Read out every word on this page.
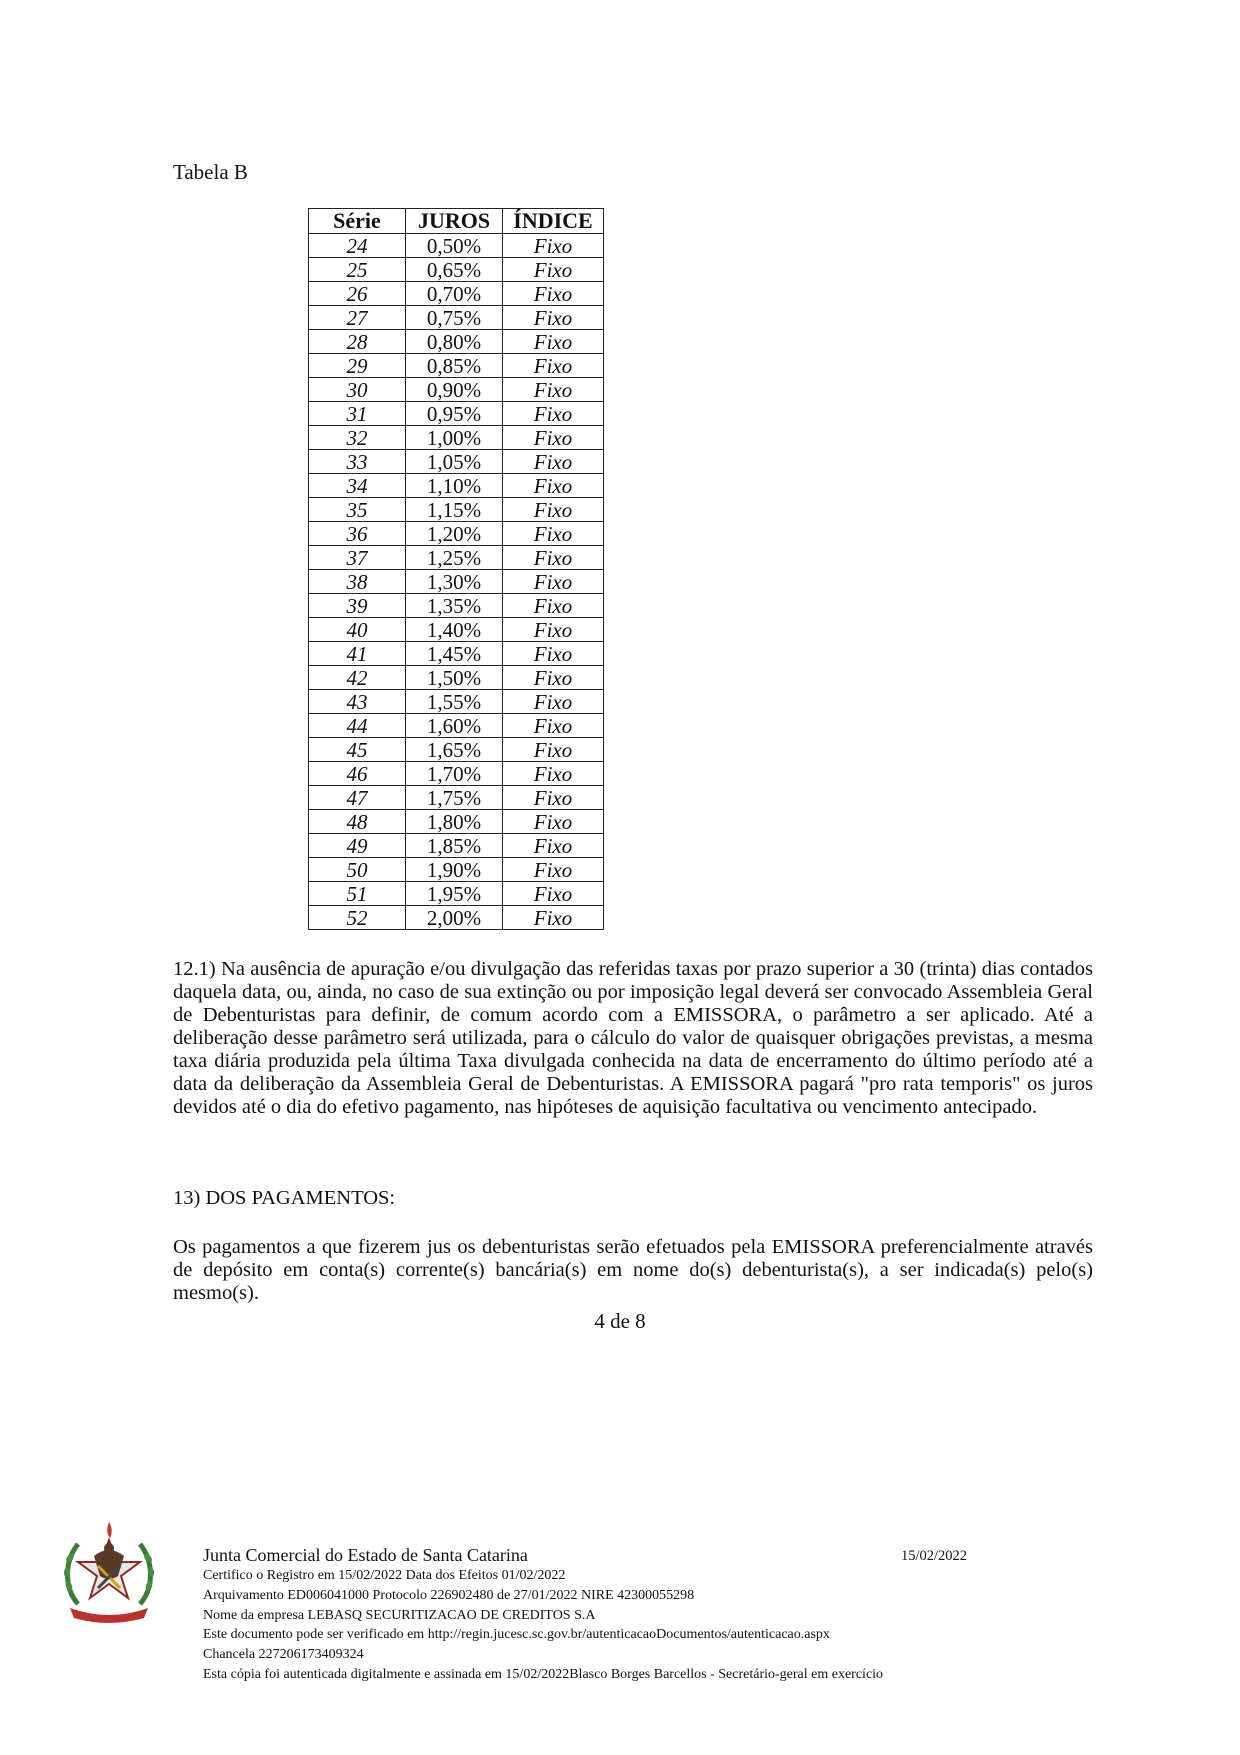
Tabela B
Série	JUROS	ÍNDICE
24	0,50%	Fixo
25	0,65%	Fixo
26	0,70%	Fixo
27	0,75%	Fixo
28	0,80%	Fixo
29	0,85%	Fixo
30	0,90%	Fixo
31	0,95%	Fixo
32	1,00%	Fixo
33	1,05%	Fixo
34	1,10%	Fixo
35	1,15%	Fixo
36	1,20%	Fixo
37	1,25%	Fixo
38	1,30%	Fixo
39	1,35%	Fixo
40	1,40%	Fixo
41	1,45%	Fixo
42	1,50%	Fixo
43	1,55%	Fixo
44	1,60%	Fixo
45	1,65%	Fixo
46	1,70%	Fixo
47	1,75%	Fixo
48	1,80%	Fixo
49	1,85%	Fixo
50	1,90%	Fixo
51	1,95%	Fixo
52	2,00%	Fixo

12.1) Na ausência de apuração e/ou divulgação das referidas taxas por prazo superior a 30 (trinta) dias contados daquela data, ou, ainda, no caso de sua extinção ou por imposição legal deverá ser convocado Assembleia Geral de Debenturistas para definir, de comum acordo com a EMISSORA, o parâmetro a ser aplicado. Até a deliberação desse parâmetro será utilizada, para o cálculo do valor de quaisquer obrigações previstas, a mesma taxa diária produzida pela última Taxa divulgada conhecida na data de encerramento do último período até a data da deliberação da Assembleia Geral de Debenturistas. A EMISSORA pagará "pro rata temporis" os juros devidos até o dia do efetivo pagamento, nas hipóteses de aquisição facultativa ou vencimento antecipado.

13) DOS PAGAMENTOS:

Os pagamentos a que fizerem jus os debenturistas serão efetuados pela EMISSORA preferencialmente através de depósito em conta(s) corrente(s) bancária(s) em nome do(s) debenturista(s), a ser indicada(s) pelo(s) mesmo(s).

4 de 8
Junta Comercial do Estado de Santa Catarina	15/02/2022
Certifico o Registro em 15/02/2022 Data dos Efeitos 01/02/2022
Arquivamento ED006041000 Protocolo 226902480 de 27/01/2022 NIRE 42300055298
Nome da empresa LEBASQ SECURITIZACAO DE CREDITOS S.A
Este documento pode ser verificado em http://regin.jucesc.sc.gov.br/autenticacaoDocumentos/autenticacao.aspx
Chancela 227206173409324
Esta cópia foi autenticada digitalmente e assinada em 15/02/2022Blasco Borges Barcellos - Secretário-geral em exercício
